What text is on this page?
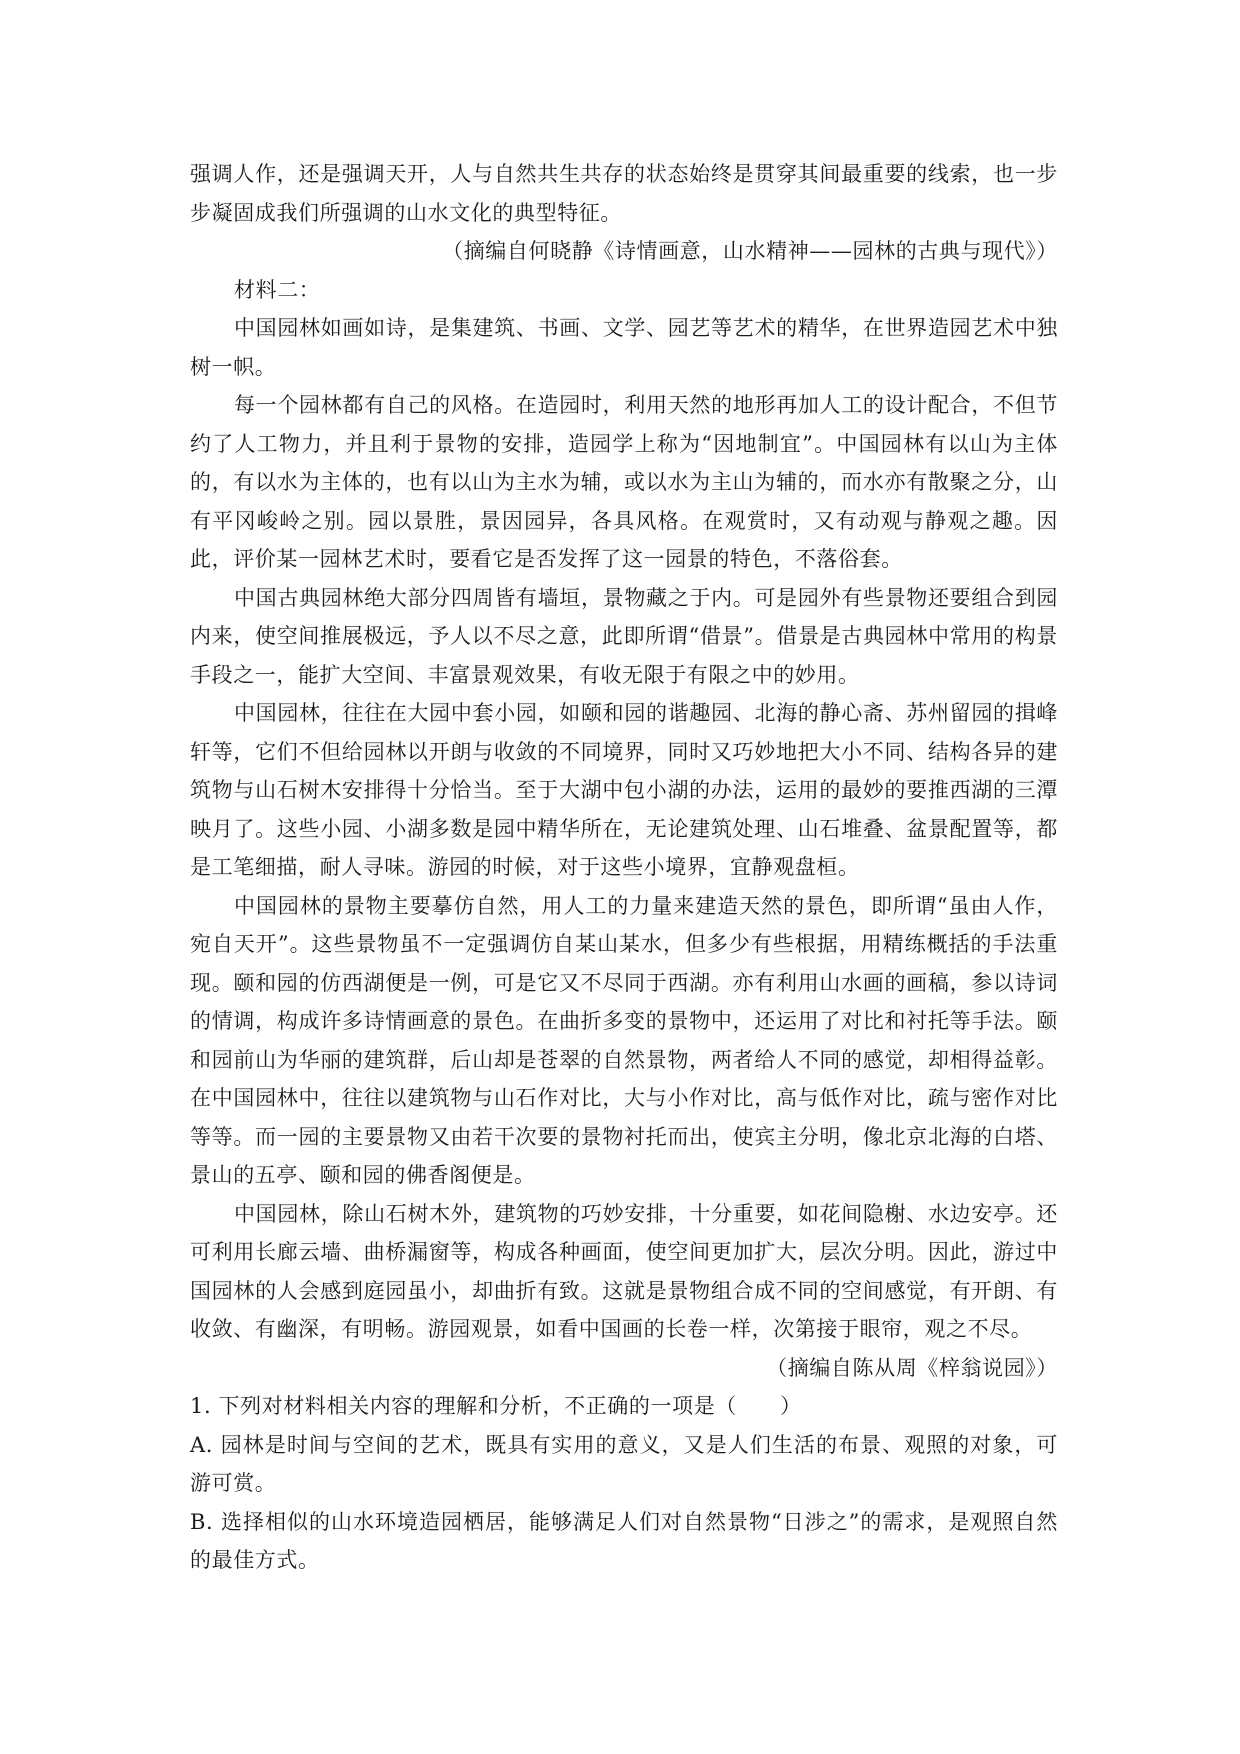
强调人作，还是强调天开，人与自然共生共存的状态始终是贯穿其间最重要的线索，也一步步凝固成我们所强调的山水文化的典型特征。

（摘编自何晓静《诗情画意，山水精神——园林的古典与现代》）

材料二：

中国园林如画如诗，是集建筑、书画、文学、园艺等艺术的精华，在世界造园艺术中独树一帜。

每一个园林都有自己的风格。在造园时，利用天然的地形再加人工的设计配合，不但节约了人工物力，并且利于景物的安排，造园学上称为“因地制宜”。中国园林有以山为主体的，有以水为主体的，也有以山为主水为辅，或以水为主山为辅的，而水亦有散聚之分，山有平冈峻岭之别。园以景胜，景因园异，各具风格。在观赏时，又有动观与静观之趣。因此，评价某一园林艺术时，要看它是否发挥了这一园景的特色，不落俗套。

中国古典园林绝大部分四周皆有墙垣，景物藏之于内。可是园外有些景物还要组合到园内来，使空间推展极远，予人以不尽之意，此即所谓“借景”。借景是古典园林中常用的构景手段之一，能扩大空间、丰富景观效果，有收无限于有限之中的妙用。

中国园林，往往在大园中套小园，如颐和园的谐趣园、北海的静心斋、苏州留园的揖峰轩等，它们不但给园林以开朗与收敛的不同境界，同时又巧妙地把大小不同、结构各异的建筑物与山石树木安排得十分恰当。至于大湖中包小湖的办法，运用的最妙的要推西湖的三潭映月了。这些小园、小湖多数是园中精华所在，无论建筑处理、山石堆叠、盆景配置等，都是工笔细描，耐人寻味。游园的时候，对于这些小境界，宜静观盘桓。

中国园林的景物主要摹仿自然，用人工的力量来建造天然的景色，即所谓“虽由人作，宛自天开”。这些景物虽不一定强调仿自某山某水，但多少有些根据，用精练概括的手法重现。颐和园的仿西湖便是一例，可是它又不尽同于西湖。亦有利用山水画的画稿，参以诗词的情调，构成许多诗情画意的景色。在曲折多变的景物中，还运用了对比和衬托等手法。颐和园前山为华丽的建筑群，后山却是苍翠的自然景物，两者给人不同的感觉，却相得益彰。在中国园林中，往往以建筑物与山石作对比，大与小作对比，高与低作对比，疏与密作对比等等。而一园的主要景物又由若干次要的景物衬托而出，使宾主分明，像北京北海的白塔、景山的五亭、颐和园的佛香阁便是。

中国园林，除山石树木外，建筑物的巧妙安排，十分重要，如花间隐榭、水边安亭。还可利用长廊云墙、曲桥漏窗等，构成各种画面，使空间更加扩大，层次分明。因此，游过中国园林的人会感到庭园虽小，却曲折有致。这就是景物组合成不同的空间感觉，有开朗、有收敛、有幽深，有明畅。游园观景，如看中国画的长卷一样，次第接于眼帘，观之不尽。

（摘编自陈从周《梓翁说园》）

1. 下列对材料相关内容的理解和分析，不正确的一项是（　　）

A. 园林是时间与空间的艺术，既具有实用的意义，又是人们生活的布景、观照的对象，可游可赏。

B. 选择相似的山水环境造园栖居，能够满足人们对自然景物“日涉之”的需求，是观照自然的最佳方式。
